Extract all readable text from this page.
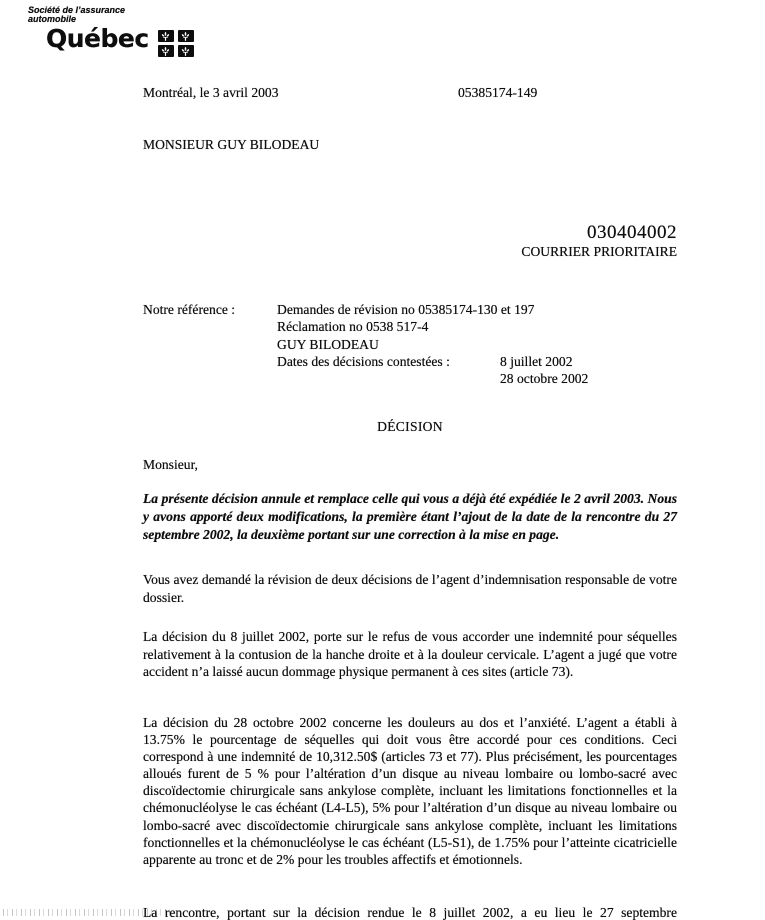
Société de l’assurance
automobile
Québec
Montréal, le 3 avril 2003	05385174-149
MONSIEUR GUY BILODEAU
030404002
COURRIER PRIORITAIRE
Notre référence :	Demandes de révision no 05385174-130 et 197
Réclamation no 0538 517-4
GUY BILODEAU
Dates des décisions contestées :	8 juillet 2002
28 octobre 2002
DÉCISION
Monsieur,

La présente décision annule et remplace celle qui vous a déjà été expédiée le 2 avril 2003. Nous y avons apporté deux modifications, la première étant l’ajout de la date de la rencontre du 27 septembre 2002, la deuxième portant sur une correction à la mise en page.

Vous avez demandé la révision de deux décisions de l’agent d’indemnisation responsable de votre dossier.

La décision du 8 juillet 2002, porte sur le refus de vous accorder une indemnité pour séquelles relativement à la contusion de la hanche droite et à la douleur cervicale. L’agent a jugé que votre accident n’a laissé aucun dommage physique permanent à ces sites (article 73).

La décision du 28 octobre 2002 concerne les douleurs au dos et l’anxiété. L’agent a établi à 13.75% le pourcentage de séquelles qui doit vous être accordé pour ces conditions. Ceci correspond à une indemnité de 10,312.50$ (articles 73 et 77). Plus précisément, les pourcentages alloués furent de 5 % pour l’altération d’un disque au niveau lombaire ou lombo-sacré avec discoïdectomie chirurgicale sans ankylose complète, incluant les limitations fonctionnelles et la chémonucléolyse le cas échéant (L4-L5), 5% pour l’altération d’un disque au niveau lombaire ou lombo-sacré avec discoïdectomie chirurgicale sans ankylose complète, incluant les limitations fonctionnelles et la chémonucléolyse le cas échéant (L5-S1), de 1.75% pour l’atteinte cicatricielle apparente au tronc et de 2% pour les troubles affectifs et émotionnels.

La rencontre, portant sur la décision rendue le 8 juillet 2002, a eu lieu le 27 septembre
